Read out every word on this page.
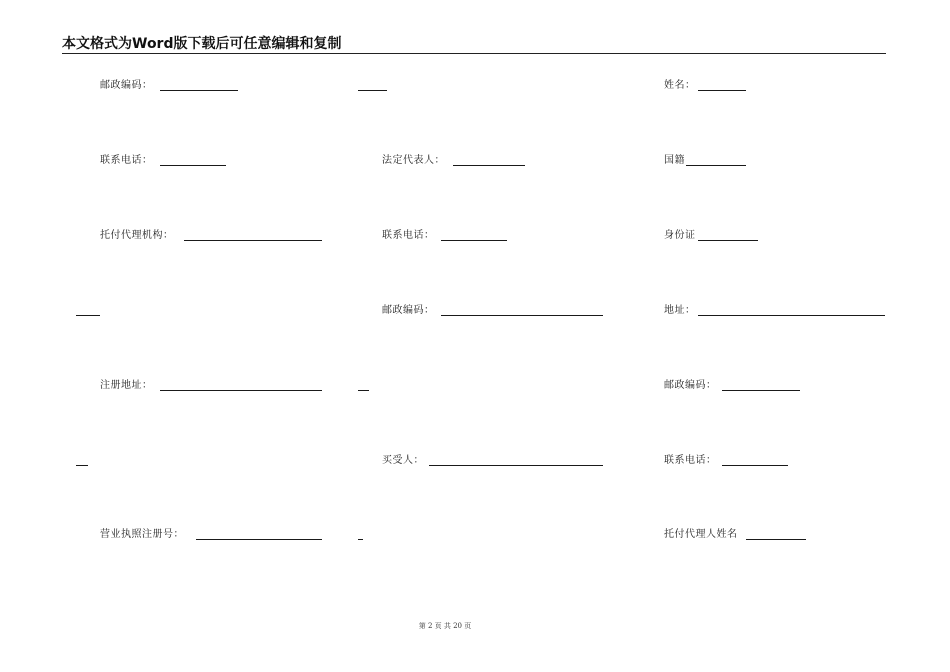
本文格式为Word版下载后可任意编辑和复制
邮政编码：
联系电话：
托付代理机构：
注册地址：
营业执照注册号：
法定代表人：
联系电话：
邮政编码：
买受人：
姓名：
国籍
身份证
地址：
邮政编码：
联系电话：
托付代理人姓名
第 2 页 共 20 页
